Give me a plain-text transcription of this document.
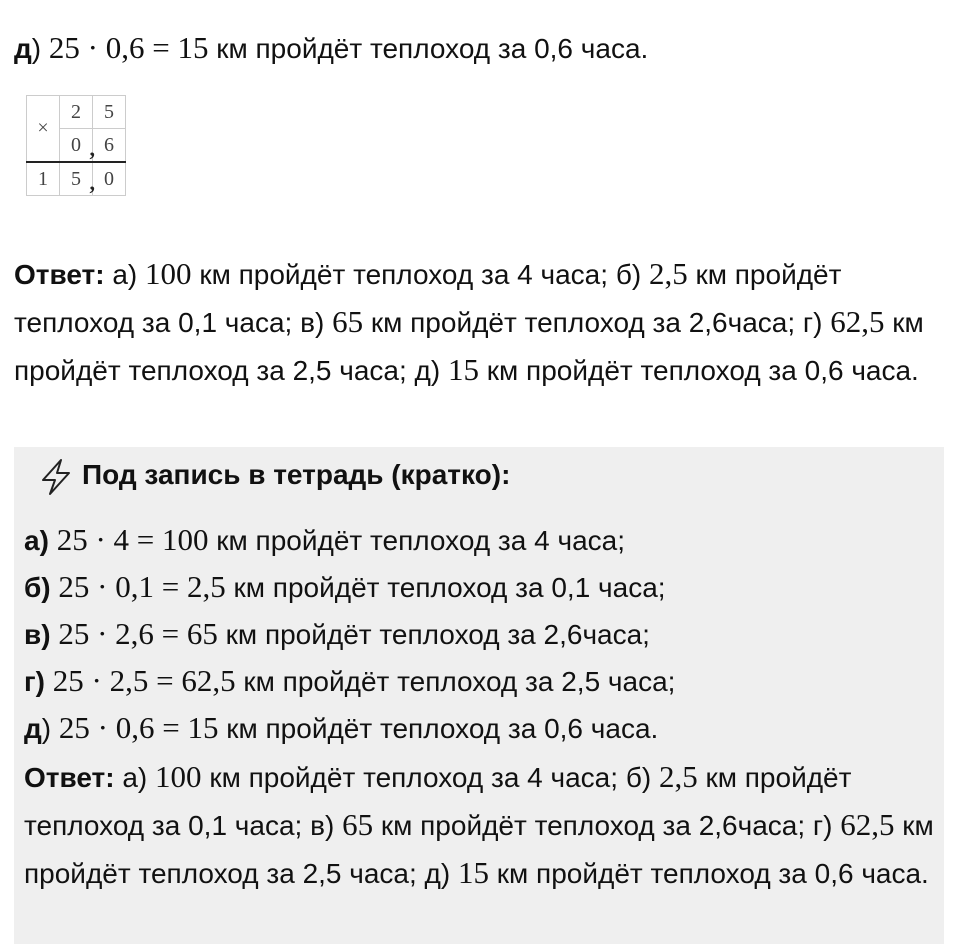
д) 25 · 0,6 = 15 км пройдёт теплоход за 0,6 часа.
×	2	5
	0 ,	6
1	5 ,	0
Ответ: а) 100 км пройдёт теплоход за 4 часа; б) 2,5 км пройдёт теплоход за 0,1 часа; в) 65 км пройдёт теплоход за 2,6часа; г) 62,5 км пройдёт теплоход за 2,5 часа; д) 15 км пройдёт теплоход за 0,6 часа.
Под запись в тетрадь (кратко):
а) 25 · 4 = 100 км пройдёт теплоход за 4 часа;
б) 25 · 0,1 = 2,5 км пройдёт теплоход за 0,1 часа;
в) 25 · 2,6 = 65 км пройдёт теплоход за 2,6часа;
г) 25 · 2,5 = 62,5 км пройдёт теплоход за 2,5 часа;
д) 25 · 0,6 = 15 км пройдёт теплоход за 0,6 часа.
Ответ: а) 100 км пройдёт теплоход за 4 часа; б) 2,5 км пройдёт теплоход за 0,1 часа; в) 65 км пройдёт теплоход за 2,6часа; г) 62,5 км пройдёт теплоход за 2,5 часа; д) 15 км пройдёт теплоход за 0,6 часа.
